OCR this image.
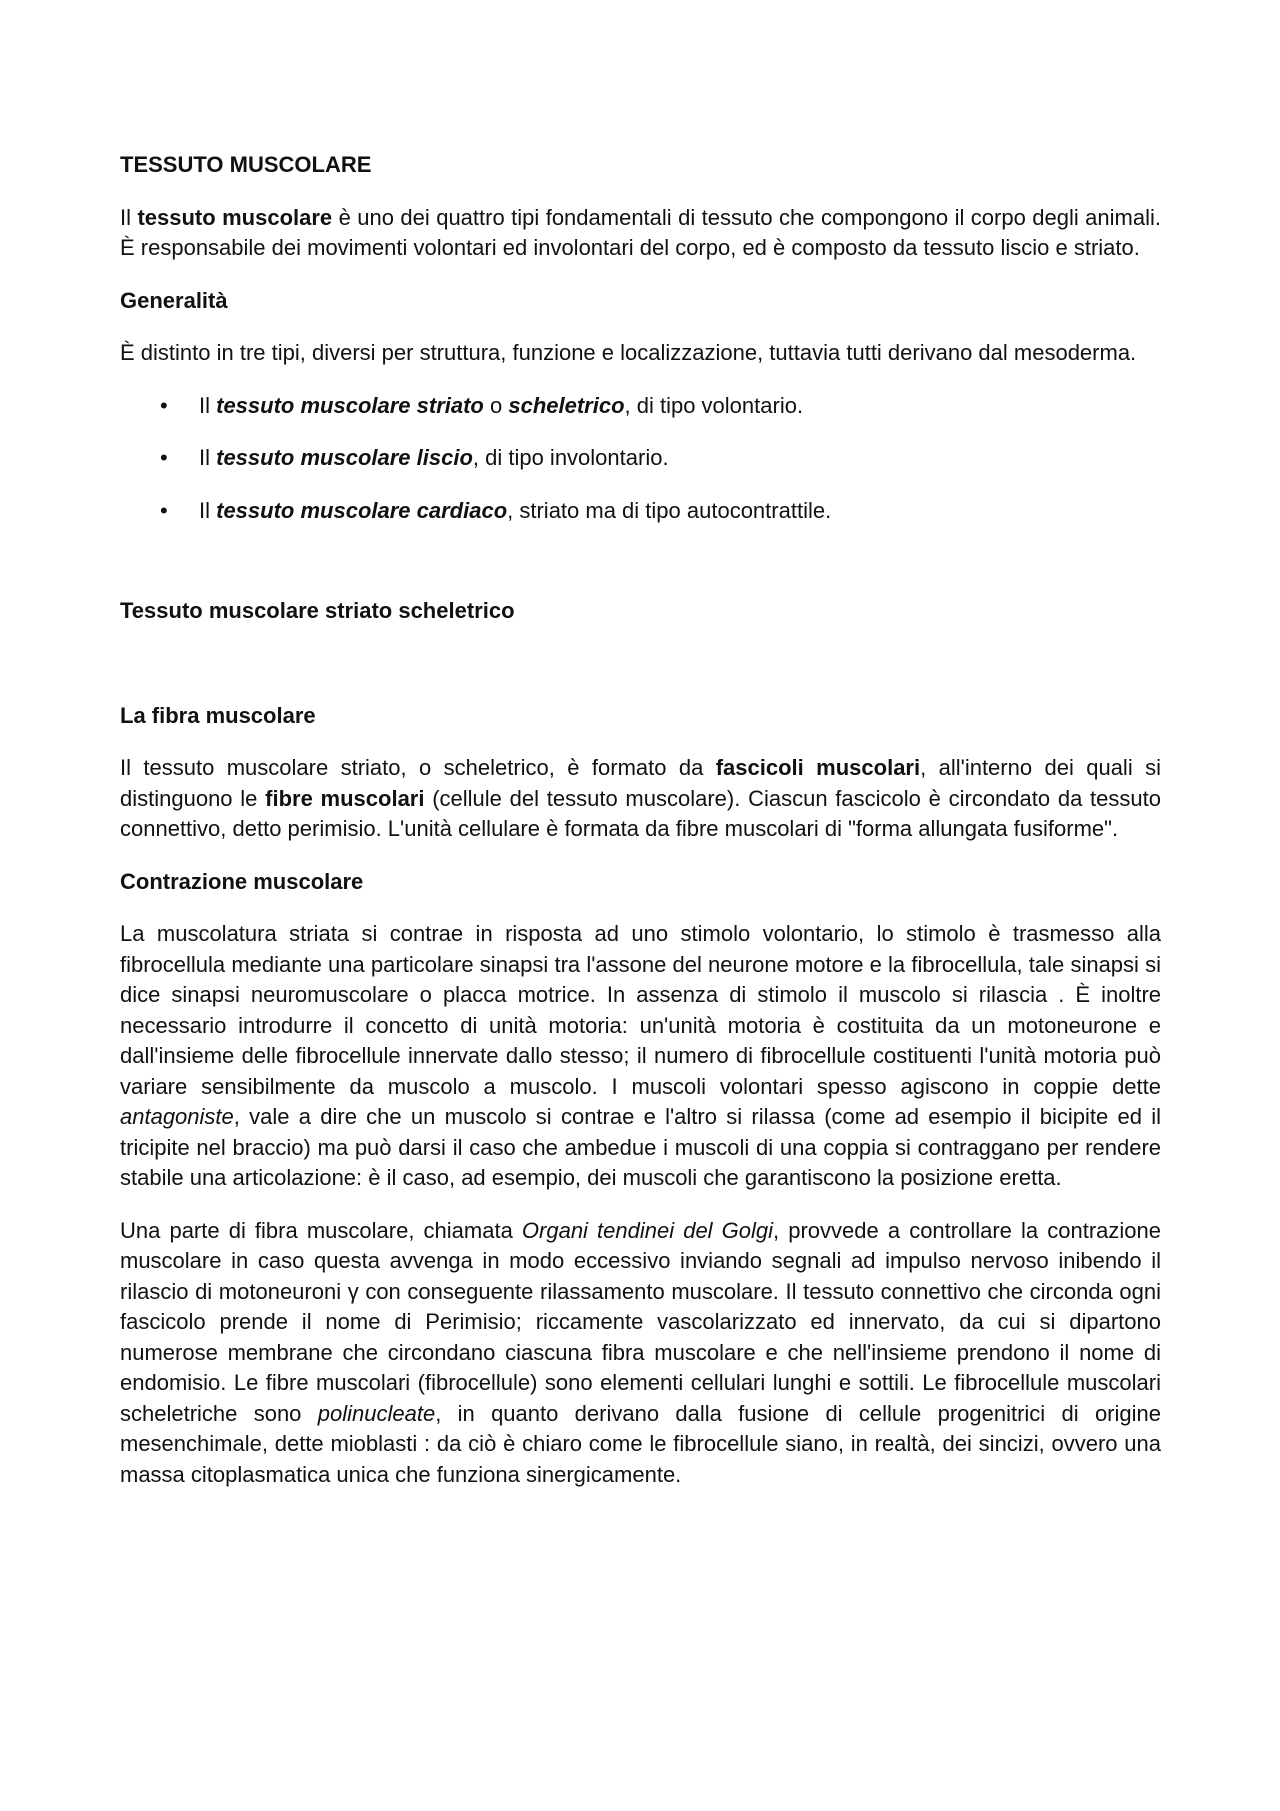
TESSUTO MUSCOLARE

Il tessuto muscolare è uno dei quattro tipi fondamentali di tessuto che compongono il corpo degli animali. È responsabile dei movimenti volontari ed involontari del corpo, ed è composto da tessuto liscio e striato.

Generalità

È distinto in tre tipi, diversi per struttura, funzione e localizzazione, tuttavia tutti derivano dal mesoderma.

• Il tessuto muscolare striato o scheletrico, di tipo volontario.
• Il tessuto muscolare liscio, di tipo involontario.
• Il tessuto muscolare cardiaco, striato ma di tipo autocontrattile.
Tessuto muscolare striato scheletrico
La fibra muscolare

Il tessuto muscolare striato, o scheletrico, è formato da fascicoli muscolari, all'interno dei quali si distinguono le fibre muscolari (cellule del tessuto muscolare). Ciascun fascicolo è circondato da tessuto connettivo, detto perimisio. L'unità cellulare è formata da fibre muscolari di "forma allungata fusiforme".

Contrazione muscolare

La muscolatura striata si contrae in risposta ad uno stimolo volontario, lo stimolo è trasmesso alla fibrocellula mediante una particolare sinapsi tra l'assone del neurone motore e la fibrocellula, tale sinapsi si dice sinapsi neuromuscolare o placca motrice. In assenza di stimolo il muscolo si rilascia . È inoltre necessario introdurre il concetto di unità motoria: un'unità motoria è costituita da un motoneurone e dall'insieme delle fibrocellule innervate dallo stesso; il numero di fibrocellule costituenti l'unità motoria può variare sensibilmente da muscolo a muscolo. I muscoli volontari spesso agiscono in coppie dette antagoniste, vale a dire che un muscolo si contrae e l'altro si rilassa (come ad esempio il bicipite ed il tricipite nel braccio) ma può darsi il caso che ambedue i muscoli di una coppia si contraggano per rendere stabile una articolazione: è il caso, ad esempio, dei muscoli che garantiscono la posizione eretta.

Una parte di fibra muscolare, chiamata Organi tendinei del Golgi, provvede a controllare la contrazione muscolare in caso questa avvenga in modo eccessivo inviando segnali ad impulso nervoso inibendo il rilascio di motoneuroni γ con conseguente rilassamento muscolare. Il tessuto connettivo che circonda ogni fascicolo prende il nome di Perimisio; riccamente vascolarizzato ed innervato, da cui si dipartono numerose membrane che circondano ciascuna fibra muscolare e che nell'insieme prendono il nome di endomisio. Le fibre muscolari (fibrocellule) sono elementi cellulari lunghi e sottili. Le fibrocellule muscolari scheletriche sono polinucleate, in quanto derivano dalla fusione di cellule progenitrici di origine mesenchimale, dette mioblasti : da ciò è chiaro come le fibrocellule siano, in realtà, dei sincizi, ovvero una massa citoplasmatica unica che funziona sinergicamente.
